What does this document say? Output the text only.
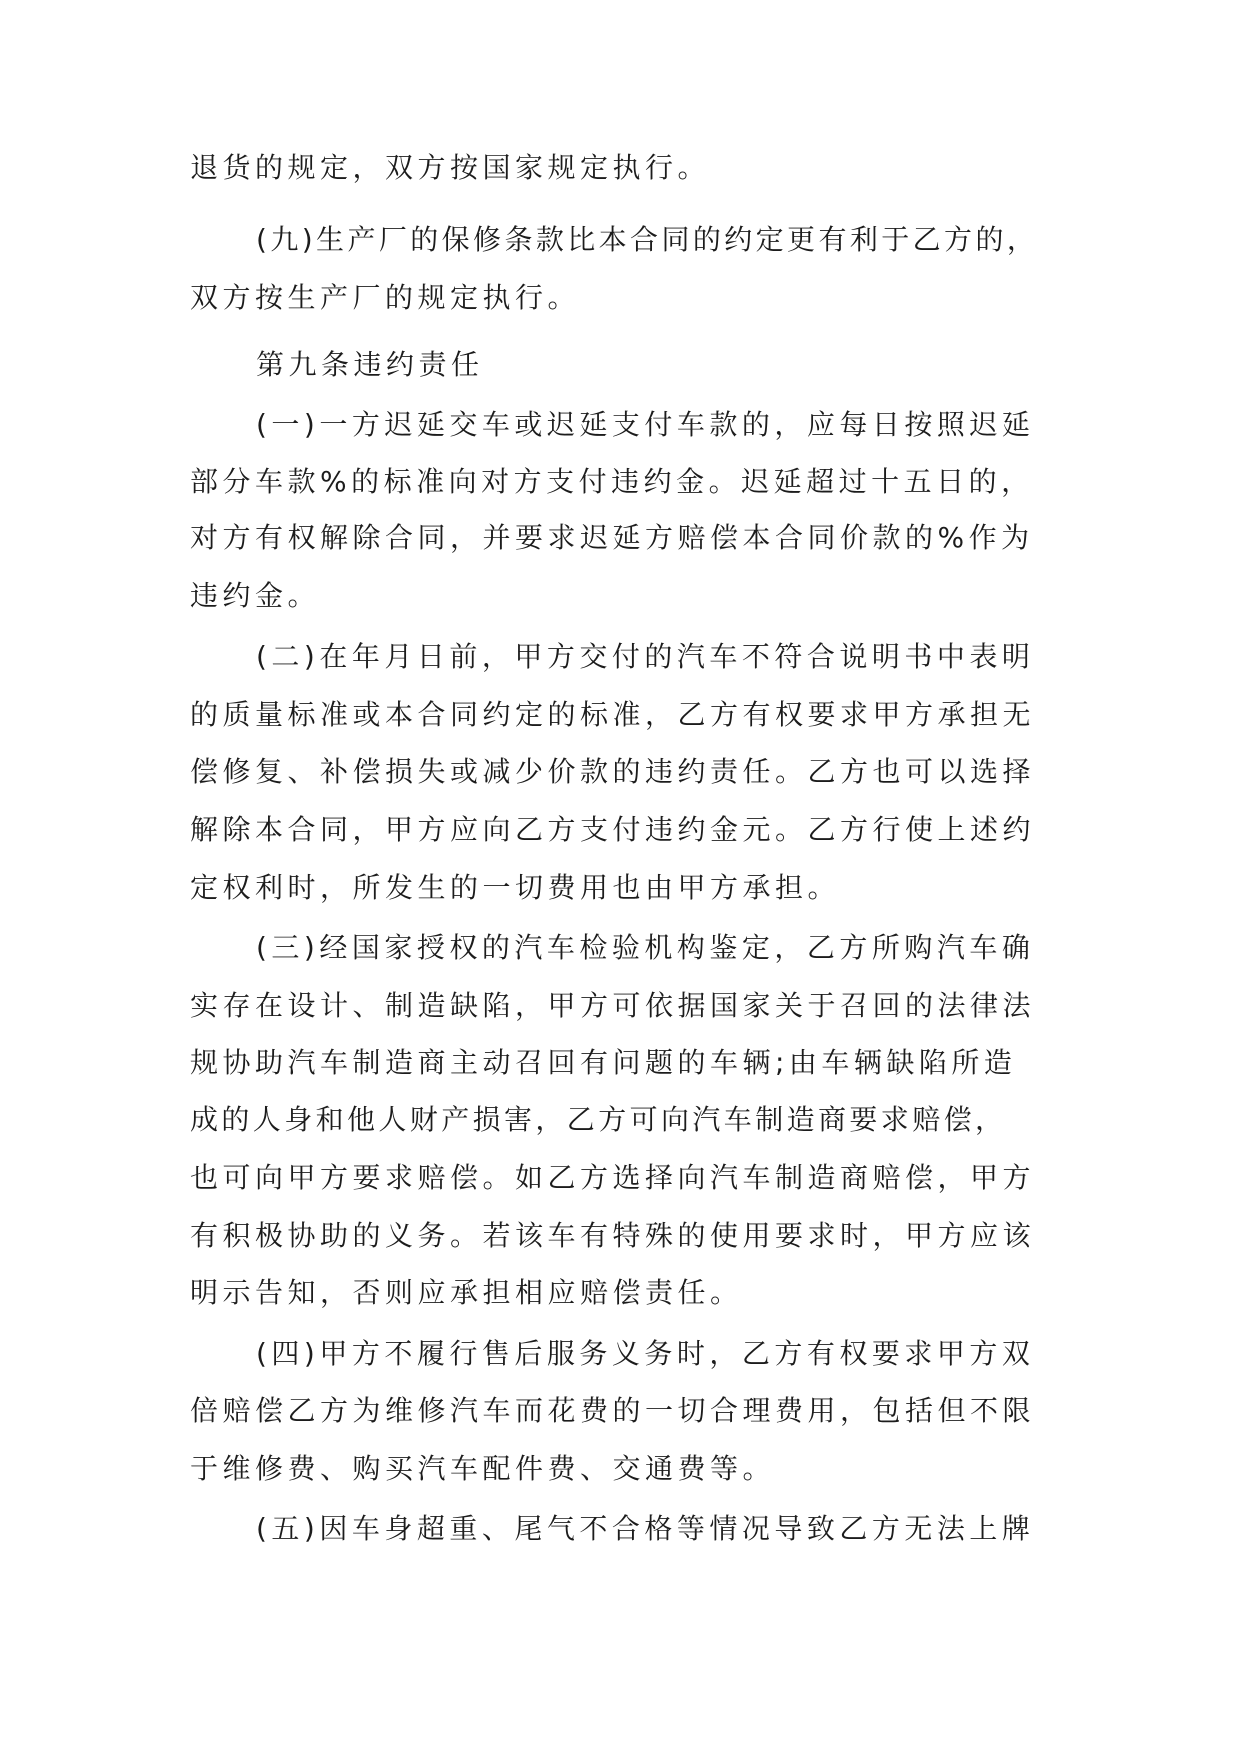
退货的规定，双方按国家规定执行。
(九)生产厂的保修条款比本合同的约定更有利于乙方的，
双方按生产厂的规定执行。
第九条违约责任
(一)一方迟延交车或迟延支付车款的，应每日按照迟延
部分车款%的标准向对方支付违约金。迟延超过十五日的，
对方有权解除合同，并要求迟延方赔偿本合同价款的%作为
违约金。
(二)在年月日前，甲方交付的汽车不符合说明书中表明
的质量标准或本合同约定的标准，乙方有权要求甲方承担无
偿修复、补偿损失或减少价款的违约责任。乙方也可以选择
解除本合同，甲方应向乙方支付违约金元。乙方行使上述约
定权利时，所发生的一切费用也由甲方承担。
(三)经国家授权的汽车检验机构鉴定，乙方所购汽车确
实存在设计、制造缺陷，甲方可依据国家关于召回的法律法
规协助汽车制造商主动召回有问题的车辆;由车辆缺陷所造
成的人身和他人财产损害，乙方可向汽车制造商要求赔偿，
也可向甲方要求赔偿。如乙方选择向汽车制造商赔偿，甲方
有积极协助的义务。若该车有特殊的使用要求时，甲方应该
明示告知，否则应承担相应赔偿责任。
(四)甲方不履行售后服务义务时，乙方有权要求甲方双
倍赔偿乙方为维修汽车而花费的一切合理费用，包括但不限
于维修费、购买汽车配件费、交通费等。
(五)因车身超重、尾气不合格等情况导致乙方无法上牌
